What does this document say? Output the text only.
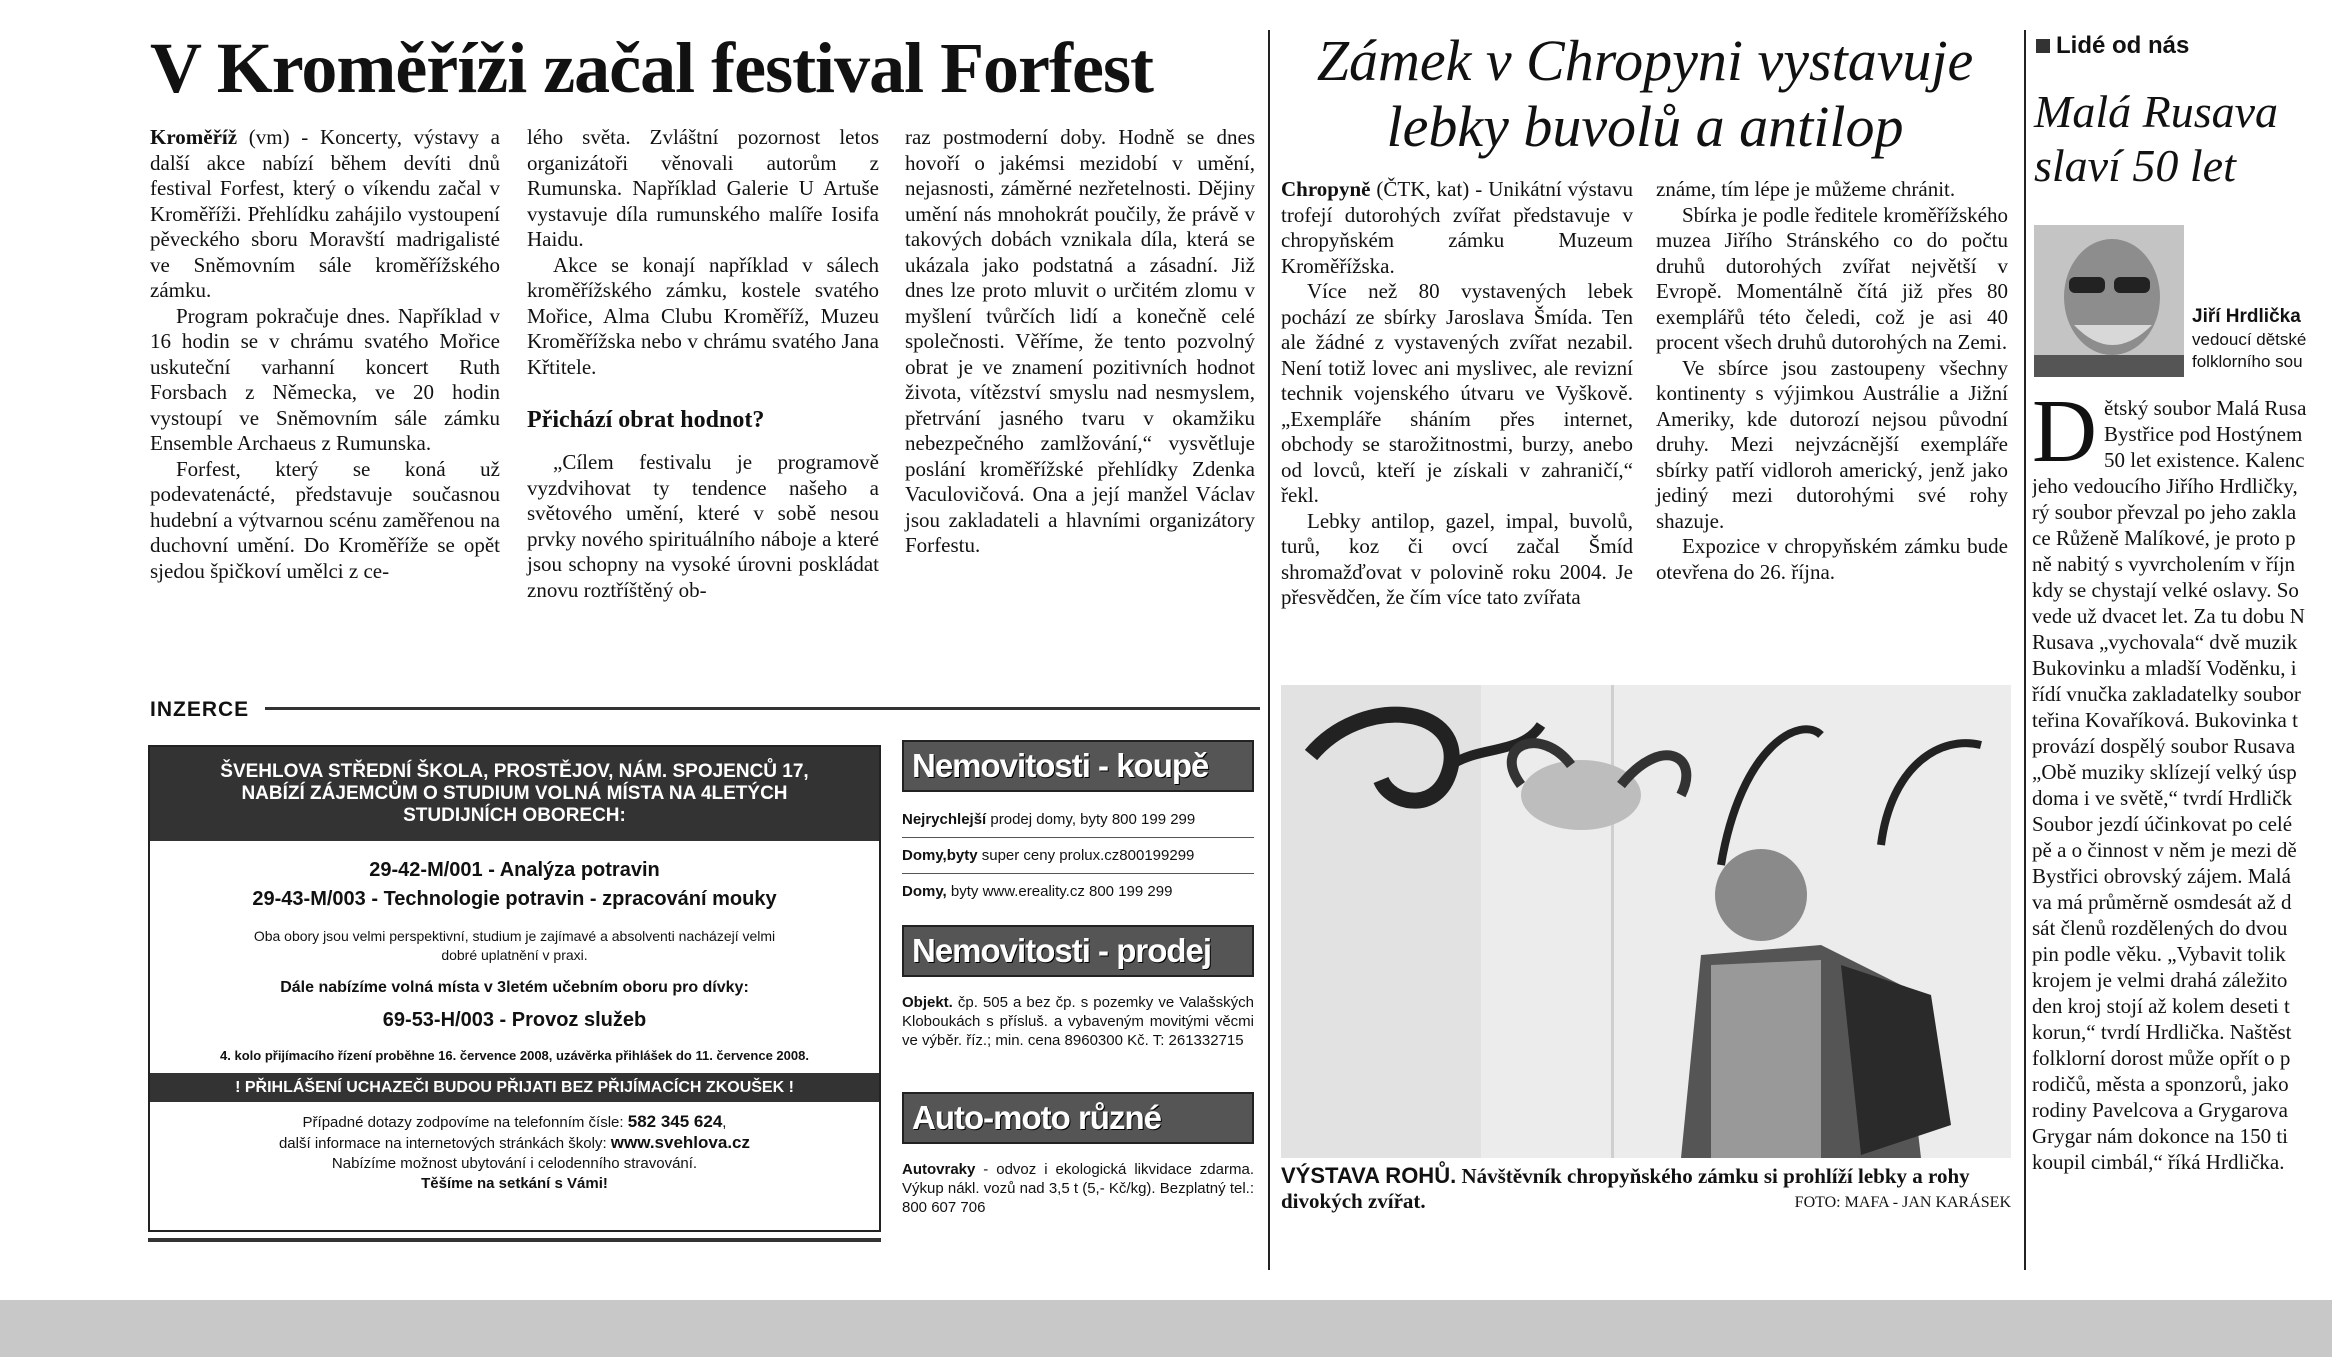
V Kroměříži začal festival Forfest

Kroměříž (vm) - Koncerty, výstavy a další akce nabízí během devíti dnů festival Forfest, který o víkendu začal v Kroměříži. Přehlídku zahájilo vystoupení pěveckého sboru Moravští madrigalisté ve Sněmovním sále kroměřížského zámku.

Program pokračuje dnes. Například v 16 hodin se v chrámu svatého Mořice uskuteční varhanní koncert Ruth Forsbach z Německa, ve 20 hodin vystoupí ve Sněmovním sále zámku Ensemble Archaeus z Rumunska.

Forfest, který se koná už podevatenácté, představuje současnou hudební a výtvarnou scénu zaměřenou na duchovní umění. Do Kroměříže se opět sjedou špičkoví umělci z ce-

lého světa. Zvláštní pozornost letos organizátoři věnovali autorům z Rumunska. Například Galerie U Artuše vystavuje díla rumunského malíře Iosifa Haidu.

Akce se konají například v sálech kroměřížského zámku, kostele svatého Mořice, Alma Clubu Kroměříž, Muzeu Kroměřížska nebo v chrámu svatého Jana Křtitele.

Přichází obrat hodnot?

„Cílem festivalu je programově vyzdvihovat ty tendence našeho a světového umění, které v sobě nesou prvky nového spirituálního náboje a které jsou schopny na vysoké úrovni poskládat znovu roztříštěný ob-

raz postmoderní doby. Hodně se dnes hovoří o jakémsi mezidobí v umění, nejasnosti, záměrné nezřetelnosti. Dějiny umění nás mnohokrát poučily, že právě v takových dobách vznikala díla, která se ukázala jako podstatná a zásadní. Již dnes lze proto mluvit o určitém zlomu v myšlení tvůrčích lidí a konečně celé společnosti. Věříme, že tento pozvolný obrat je ve znamení pozitivních hodnot života, vítězství smyslu nad nesmyslem, přetrvání jasného tvaru v okamžiku nebezpečného zamlžování,“ vysvětluje poslání kroměřížské přehlídky Zdenka Vaculovičová. Ona a její manžel Václav jsou zakladateli a hlavními organizátory Forfestu.

Zámek v Chropyni vystavuje
lebky buvolů a antilop

Chropyně (ČTK, kat) - Unikátní výstavu trofejí dutorohých zvířat představuje v chropyňském zámku Muzeum Kroměřížska.

Více než 80 vystavených lebek pochází ze sbírky Jaroslava Šmída. Ten ale žádné z vystavených zvířat nezabil. Není totiž lovec ani myslivec, ale revizní technik vojenského útvaru ve Vyškově. „Exempláře sháním přes internet, obchody se starožitnostmi, burzy, anebo od lovců, kteří je získali v zahraničí,“ řekl.

Lebky antilop, gazel, impal, buvolů, turů, koz či ovcí začal Šmíd shromažďovat v polovině roku 2004. Je přesvědčen, že čím více tato zvířata

známe, tím lépe je můžeme chránit.

Sbírka je podle ředitele kroměřížského muzea Jiřího Stránského co do počtu druhů dutorohých zvířat největší v Evropě. Momentálně čítá již přes 80 exemplářů této čeledi, což je asi 40 procent všech druhů dutorohých na Zemi.

Ve sbírce jsou zastoupeny všechny kontinenty s výjimkou Austrálie a Jižní Ameriky, kde dutorozí nejsou původní druhy. Mezi nejvzácnější exempláře sbírky patří vidloroh americký, jenž jako jediný mezi dutorohými své rohy shazuje.

Expozice v chropyňském zámku bude otevřena do 26. října.

VÝSTAVA ROHŮ. Návštěvník chropyňského zámku si prohlíží lebky a rohy divokých zvířat.	FOTO: MAFA - JAN KARÁSEK
Lidé od nás
Malá Rusava
slaví 50 let
Jiří Hrdlička
vedoucí dětské
folklorního sou
D ětský soubor Malá Rusa

Bystřice pod Hostýnem

50 let existence. Kalenc

jeho vedoucího Jiřího Hrdličky,

rý soubor převzal po jeho zakla

ce Růženě Malíkové, je proto p

ně nabitý s vyvrcholením v říjn

kdy se chystají velké oslavy. So

vede už dvacet let. Za tu dobu N

Rusava „vychovala“ dvě muzik

Bukovinku a mladší Voděnku, i

řídí vnučka zakladatelky soubor

teřina Kovaříková. Bukovinka t

provází dospělý soubor Rusava

„Obě muziky sklízejí velký úsp

doma i ve světě,“ tvrdí Hrdličk

Soubor jezdí účinkovat po celé

pě a o činnost v něm je mezi dě

Bystřici obrovský zájem. Malá

va má průměrně osmdesát až d

sát členů rozdělených do dvou

pin podle věku. „Vybavit tolik

krojem je velmi drahá záležito

den kroj stojí až kolem deseti t

korun,“ tvrdí Hrdlička. Naštěst

folklorní dorost může opřít o p

rodičů, města a sponzorů, jako

rodiny Pavelcova a Grygarova

Grygar nám dokonce na 150 ti

koupil cimbál,“ říká Hrdlička.

INZERCE
ŠVEHLOVA STŘEDNÍ ŠKOLA, PROSTĚJOV, NÁM. SPOJENCŮ 17, NABÍZÍ ZÁJEMCŮM O STUDIUM VOLNÁ MÍSTA NA 4LETÝCH STUDIJNÍCH OBORECH:
29-42-M/001 - Analýza potravin
29-43-M/003 - Technologie potravin - zpracování mouky
Oba obory jsou velmi perspektivní, studium je zajímavé a absolventi nacházejí velmi dobré uplatnění v praxi.
Dále nabízíme volná místa v 3letém učebním oboru pro dívky:
69-53-H/003 - Provoz služeb
4. kolo přijímacího řízení proběhne 16. července 2008, uzávěrka přihlášek do 11. července 2008.
! PŘIHLÁŠENÍ UCHAZEČI BUDOU PŘIJATI BEZ PŘIJÍMACÍCH ZKOUŠEK !
Případné dotazy zodpovíme na telefonním čísle: 582 345 624,
další informace na internetových stránkách školy: www.svehlova.cz
Nabízíme možnost ubytování i celodenního stravování.
Těšíme na setkání s Vámi!
Nemovitosti - koupě
Nejrychlejší prodej domy, byty 800 199 299
Domy,byty super ceny prolux.cz800199299
Domy, byty www.ereality.cz 800 199 299
Nemovitosti - prodej
Objekt. čp. 505 a bez čp. s pozemky ve Valašských Kloboukách s přísluš. a vybaveným movitými věcmi ve výběr. říz.; min. cena 8960300 Kč. T: 261332715
Auto-moto různé
Autovraky - odvoz i ekologická likvidace zdarma. Výkup nákl. vozů nad 3,5 t (5,- Kč/kg). Bezplatný tel.: 800 607 706
